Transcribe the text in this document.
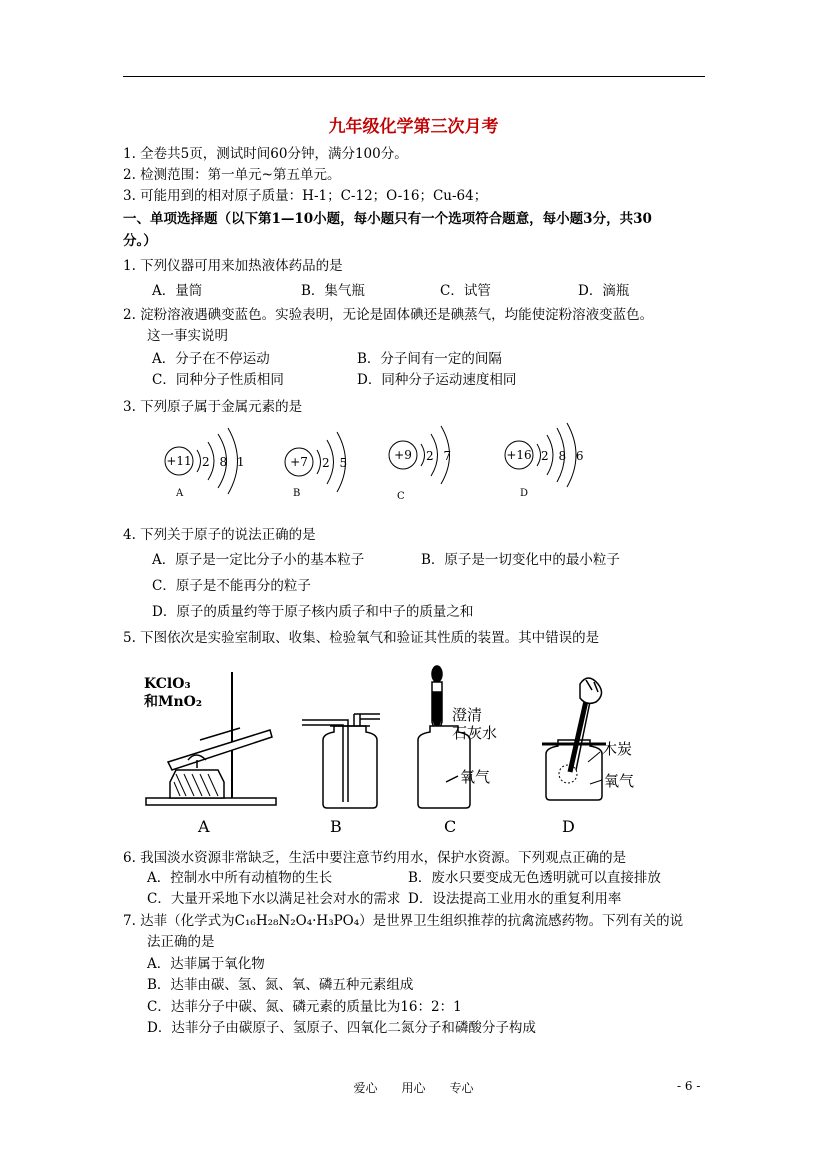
九年级化学第三次月考
1. 全卷共5页，测试时间60分钟，满分100分。
2. 检测范围：第一单元~第五单元。
3. 可能用到的相对原子质量：H-1；C-12；O-16；Cu-64；
一、单项选择题（以下第1—10小题，每小题只有一个选项符合题意，每小题3分，共30
分。）
1. 下列仪器可用来加热液体药品的是
A．量筒	B．集气瓶	C．试管	D．滴瓶
2. 淀粉溶液遇碘变蓝色。实验表明，无论是固体碘还是碘蒸气，均能使淀粉溶液变蓝色。
这一事实说明
A．分子在不停运动	B．分子间有一定的间隔
C．同种分子性质相同	D．同种分子运动速度相同
3. 下列原子属于金属元素的是
+11 2 8 1
A
+7 2 5
B
+9 2 7
C
+16 2 8 6
D
4. 下列关于原子的说法正确的是
A．原子是一定比分子小的基本粒子	B．原子是一切变化中的最小粒子
C．原子是不能再分的粒子
D．原子的质量约等于原子核内质子和中子的质量之和
5. 下图依次是实验室制取、收集、检验氧气和验证其性质的装置。其中错误的是
KClO₃
和MnO₂
澄清
石灰水
氧气
木炭
氧气
A	B	C	D
6. 我国淡水资源非常缺乏，生活中要注意节约用水，保护水资源。下列观点正确的是
A．控制水中所有动植物的生长	B．废水只要变成无色透明就可以直接排放
C．大量开采地下水以满足社会对水的需求 D．设法提高工业用水的重复利用率
7. 达菲（化学式为C₁₆H₂₈N₂O₄·H₃PO₄）是世界卫生组织推荐的抗禽流感药物。下列有关的说
法正确的是
A．达菲属于氧化物
B．达菲由碳、氢、氮、氧、磷五种元素组成
C．达菲分子中碳、氮、磷元素的质量比为16：2：1
D．达菲分子由碳原子、氢原子、四氧化二氮分子和磷酸分子构成
爱心　　用心　　专心	- 6 -
